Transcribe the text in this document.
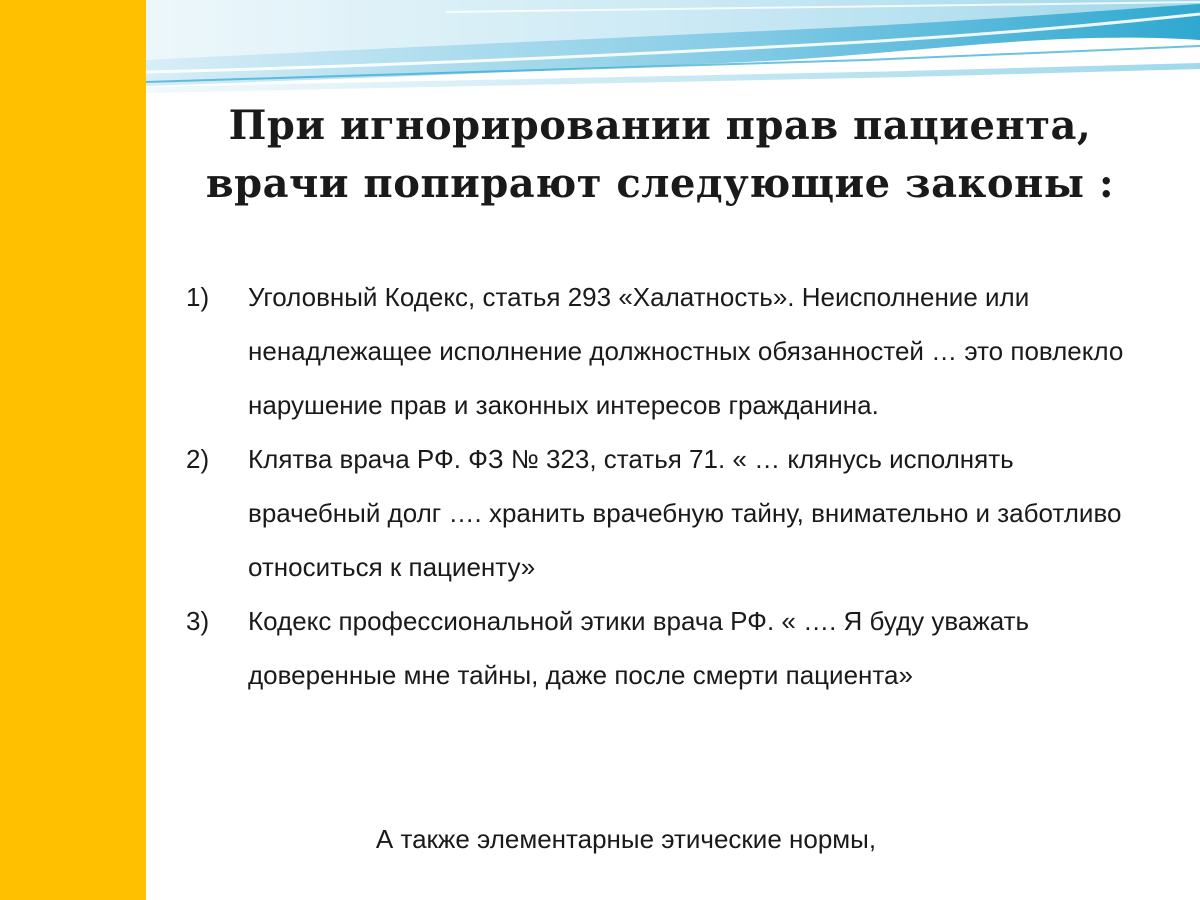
При игнорировании прав пациента,
врачи попирают следующие законы :
1)	Уголовный Кодекс, статья 293 «Халатность». Неисполнение или ненадлежащее исполнение должностных обязанностей … это повлекло нарушение прав и законных интересов гражданина.
2)	Клятва врача РФ. ФЗ № 323, статья 71. « … клянусь исполнять врачебный долг …. хранить врачебную тайну, внимательно и заботливо относиться к пациенту»
3)	Кодекс профессиональной этики врача РФ. « …. Я буду уважать доверенные мне тайны, даже после смерти пациента»
А также элементарные этические нормы,
